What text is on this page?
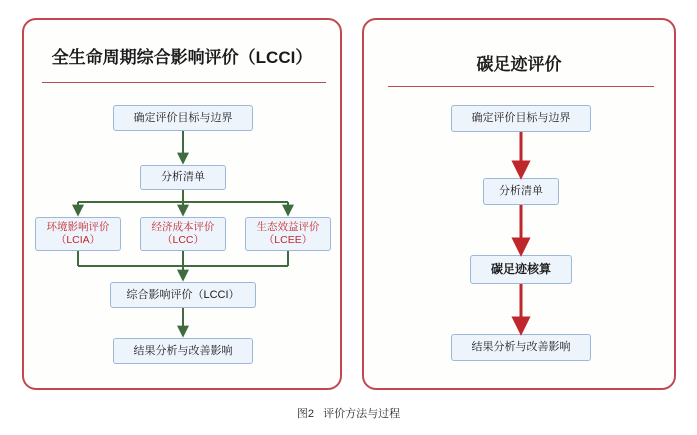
全生命周期综合影响评价（LCCI）
确定评价目标与边界
分析清单
环境影响评价
（LCIA）
经济成本评价
（LCC）
生态效益评价
（LCEE）
综合影响评价（LCCI）
结果分析与改善影响
碳足迹评价
确定评价目标与边界
分析清单
碳足迹核算
结果分析与改善影响
图2 评价方法与过程
